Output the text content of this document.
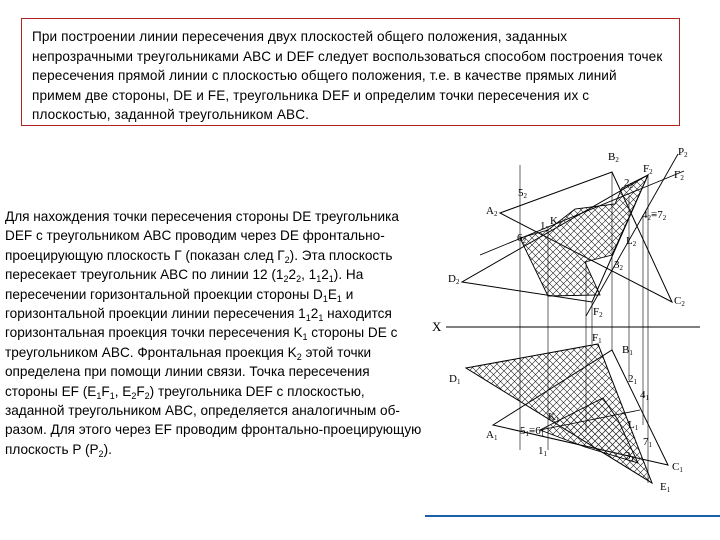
При построении линии пересечения двух плоскостей общего положения, заданных непрозрачными треугольниками ABC и DEF следует воспользоваться способом построения точек пересечения прямой линии с плоскостью общего положения, т.е. в качестве прямых линий примем две стороны, DE и FE, треугольника DEF и определим точки пересечения их с плоскостью, заданной треугольником ABC.

Для нахождения точки пересечения стороны DE треугольника DEF с треугольником ABC проводим через DE фронтально-проецирующую плоскость Г (показан след $Г_2$). Эта плоскость пересекает треугольник ABC по линии 12 ($1_22_2$, $1_12_1$). На пересечении горизонтальной проекции стороны $D_1E_1$ и горизонтальной проекции линии пересечения $1_12_1$ находится горизонтальная проекция точки пересечения $K_1$ стороны DE с треугольником ABC. Фронтальная проекция $K_2$ этой точки определена при помощи линии связи. Точка пересечения стороны EF ($E_1F_1$, $E_2F_2$) треугольника DEF с плоскостью, заданной треугольником ABC, определяется аналогичным об-разом. Для этого через EF проводим фронтально-проецирующую плоскость P $(P_2)$.
X
A2
B2
C2
D2
F2
F2
K2
L2
P2
Г2
12
22
32
42≡72
52
62
A1
B1
C1
D1
E1
F1
K1	L1
11
21
31
41
51≡61
71
